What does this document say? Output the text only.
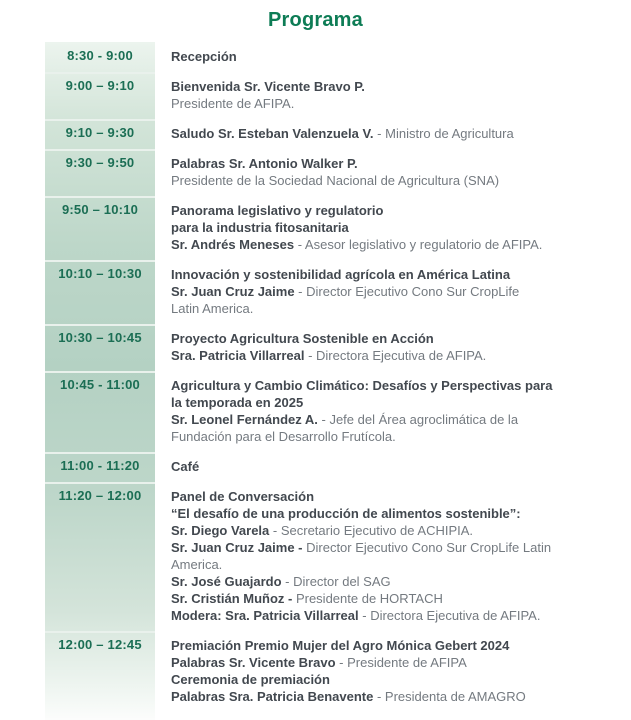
Programa
8:30 - 9:00	Recepción
9:00 – 9:10	Bienvenida Sr. Vicente Bravo P.
Presidente de AFIPA.
9:10 – 9:30	Saludo Sr. Esteban Valenzuela V. - Ministro de Agricultura
9:30 – 9:50	Palabras Sr. Antonio Walker P.
Presidente de la Sociedad Nacional de Agricultura (SNA)
9:50 – 10:10	Panorama legislativo y regulatorio
para la industria fitosanitaria
Sr. Andrés Meneses - Asesor legislativo y regulatorio de AFIPA.
10:10 – 10:30	Innovación y sostenibilidad agrícola en América Latina
Sr. Juan Cruz Jaime - Director Ejecutivo Cono Sur CropLife
Latin America.
10:30 – 10:45	Proyecto Agricultura Sostenible en Acción
Sra. Patricia Villarreal - Directora Ejecutiva de AFIPA.
10:45 - 11:00	Agricultura y Cambio Climático: Desafíos y Perspectivas para
la temporada en 2025
Sr. Leonel Fernández A. - Jefe del Área agroclimática de la
Fundación para el Desarrollo Frutícola.
11:00 - 11:20	Café
11:20 – 12:00	Panel de Conversación
“El desafío de una producción de alimentos sostenible”:
Sr. Diego Varela - Secretario Ejecutivo de ACHIPIA.
Sr. Juan Cruz Jaime - Director Ejecutivo Cono Sur CropLife Latin
America.
Sr. José Guajardo - Director del SAG
Sr. Cristián Muñoz - Presidente de HORTACH
Modera: Sra. Patricia Villarreal - Directora Ejecutiva de AFIPA.
12:00 – 12:45	Premiación Premio Mujer del Agro Mónica Gebert 2024
Palabras Sr. Vicente Bravo - Presidente de AFIPA
Ceremonia de premiación
Palabras Sra. Patricia Benavente - Presidenta de AMAGRO
